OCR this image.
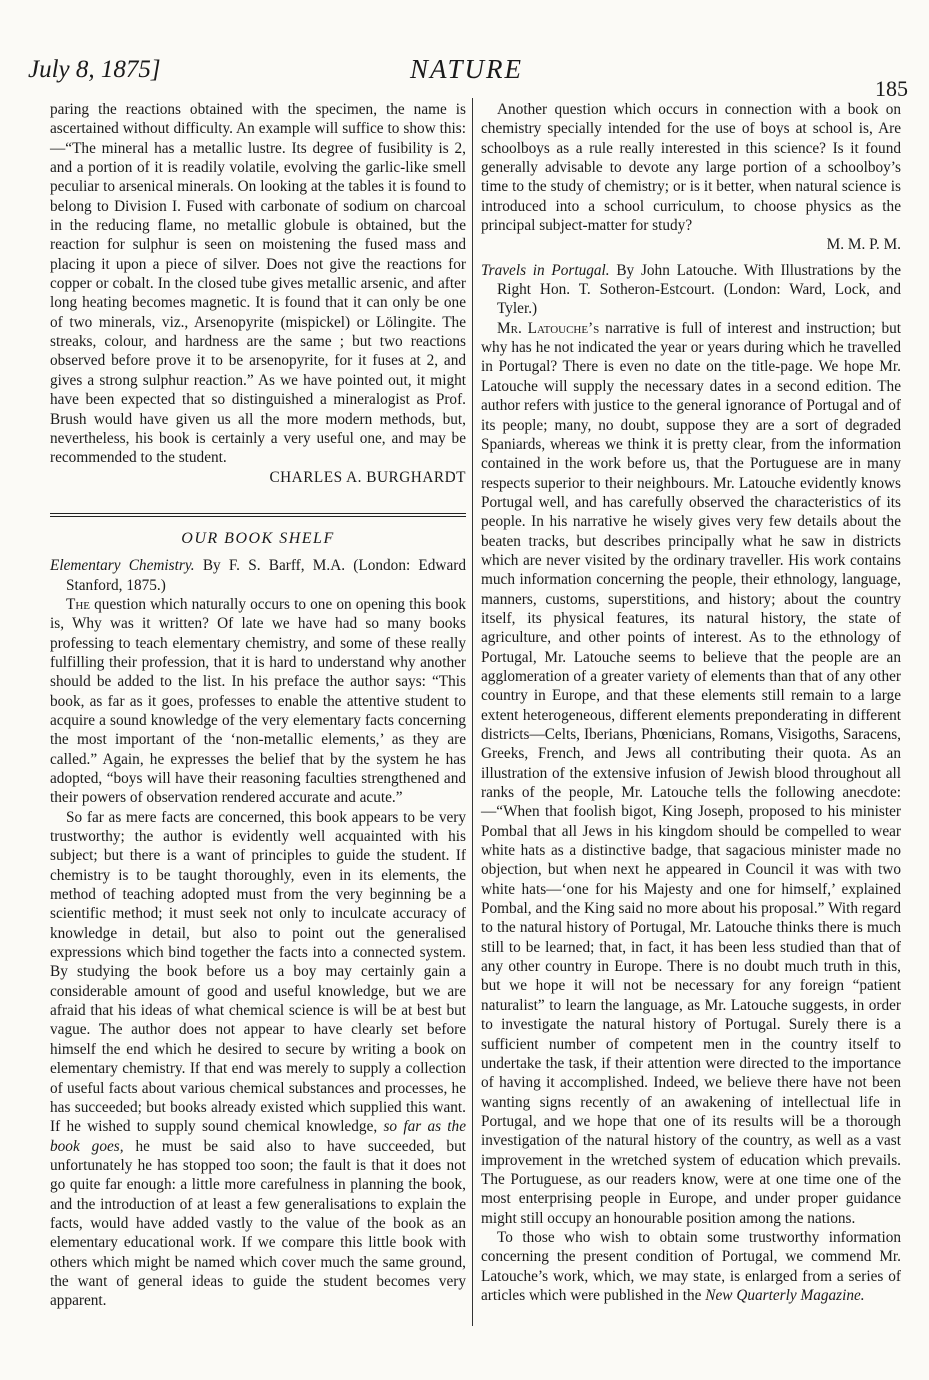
July 8, 1875]	NATURE
185

paring the reactions obtained with the specimen, the name is ascertained without difficulty. An example will suffice to show this:—“The mineral has a metallic lustre. Its degree of fusibility is 2, and a portion of it is readily volatile, evolving the garlic-like smell peculiar to arsenical minerals. On looking at the tables it is found to belong to Division I. Fused with carbonate of sodium on charcoal in the reducing flame, no metallic globule is obtained, but the reaction for sulphur is seen on moistening the fused mass and placing it upon a piece of silver. Does not give the reactions for copper or cobalt. In the closed tube gives metallic arsenic, and after long heating becomes magnetic. It is found that it can only be one of two minerals, viz., Arsenopyrite (mispickel) or Lölingite. The streaks, colour, and hardness are the same ; but two reactions observed before prove it to be arsenopyrite, for it fuses at 2, and gives a strong sulphur reaction.” As we have pointed out, it might have been expected that so distinguished a mineralogist as Prof. Brush would have given us all the more modern methods, but, nevertheless, his book is certainly a very useful one, and may be recommended to the student.

CHARLES A. BURGHARDT

OUR BOOK SHELF

Elementary Chemistry. By F. S. Barff, M.A. (London: Edward Stanford, 1875.)

The question which naturally occurs to one on opening this book is, Why was it written? Of late we have had so many books professing to teach elementary chemistry, and some of these really fulfilling their profession, that it is hard to understand why another should be added to the list. In his preface the author says: “This book, as far as it goes, professes to enable the attentive student to acquire a sound knowledge of the very elementary facts concerning the most important of the ‘non-metallic elements,’ as they are called.” Again, he expresses the belief that by the system he has adopted, “boys will have their reasoning faculties strengthened and their powers of observation rendered accurate and acute.”

So far as mere facts are concerned, this book appears to be very trustworthy; the author is evidently well acquainted with his subject; but there is a want of principles to guide the student. If chemistry is to be taught thoroughly, even in its elements, the method of teaching adopted must from the very beginning be a scientific method; it must seek not only to inculcate accuracy of knowledge in detail, but also to point out the generalised expressions which bind together the facts into a connected system. By studying the book before us a boy may certainly gain a considerable amount of good and useful knowledge, but we are afraid that his ideas of what chemical science is will be at best but vague. The author does not appear to have clearly set before himself the end which he desired to secure by writing a book on elementary chemistry. If that end was merely to supply a collection of useful facts about various chemical substances and processes, he has succeeded; but books already existed which supplied this want. If he wished to supply sound chemical knowledge, so far as the book goes, he must be said also to have succeeded, but unfortunately he has stopped too soon; the fault is that it does not go quite far enough: a little more carefulness in planning the book, and the introduction of at least a few generalisations to explain the facts, would have added vastly to the value of the book as an elementary educational work. If we compare this little book with others which might be named which cover much the same ground, the want of general ideas to guide the student becomes very apparent.

Another question which occurs in connection with a book on chemistry specially intended for the use of boys at school is, Are schoolboys as a rule really interested in this science? Is it found generally advisable to devote any large portion of a schoolboy’s time to the study of chemistry; or is it better, when natural science is introduced into a school curriculum, to choose physics as the principal subject-matter for study?

M. M. P. M.

Travels in Portugal. By John Latouche. With Illustrations by the Right Hon. T. Sotheron-Estcourt. (London: Ward, Lock, and Tyler.)

Mr. Latouche’s narrative is full of interest and instruction; but why has he not indicated the year or years during which he travelled in Portugal? There is even no date on the title-page. We hope Mr. Latouche will supply the necessary dates in a second edition. The author refers with justice to the general ignorance of Portugal and of its people; many, no doubt, suppose they are a sort of degraded Spaniards, whereas we think it is pretty clear, from the information contained in the work before us, that the Portuguese are in many respects superior to their neighbours. Mr. Latouche evidently knows Portugal well, and has carefully observed the characteristics of its people. In his narrative he wisely gives very few details about the beaten tracks, but describes principally what he saw in districts which are never visited by the ordinary traveller. His work contains much information concerning the people, their ethnology, language, manners, customs, superstitions, and history; about the country itself, its physical features, its natural history, the state of agriculture, and other points of interest. As to the ethnology of Portugal, Mr. Latouche seems to believe that the people are an agglomeration of a greater variety of elements than that of any other country in Europe, and that these elements still remain to a large extent heterogeneous, different elements preponderating in different districts—Celts, Iberians, Phœnicians, Romans, Visigoths, Saracens, Greeks, French, and Jews all contributing their quota. As an illustration of the extensive infusion of Jewish blood throughout all ranks of the people, Mr. Latouche tells the following anecdote:—“When that foolish bigot, King Joseph, proposed to his minister Pombal that all Jews in his kingdom should be compelled to wear white hats as a distinctive badge, that sagacious minister made no objection, but when next he appeared in Council it was with two white hats—‘one for his Majesty and one for himself,’ explained Pombal, and the King said no more about his proposal.” With regard to the natural history of Portugal, Mr. Latouche thinks there is much still to be learned; that, in fact, it has been less studied than that of any other country in Europe. There is no doubt much truth in this, but we hope it will not be necessary for any foreign “patient naturalist” to learn the language, as Mr. Latouche suggests, in order to investigate the natural history of Portugal. Surely there is a sufficient number of competent men in the country itself to undertake the task, if their attention were directed to the importance of having it accomplished. Indeed, we believe there have not been wanting signs recently of an awakening of intellectual life in Portugal, and we hope that one of its results will be a thorough investigation of the natural history of the country, as well as a vast improvement in the wretched system of education which prevails. The Portuguese, as our readers know, were at one time one of the most enterprising people in Europe, and under proper guidance might still occupy an honourable position among the nations.

To those who wish to obtain some trustworthy information concerning the present condition of Portugal, we commend Mr. Latouche’s work, which, we may state, is enlarged from a series of articles which were published in the New Quarterly Magazine.
